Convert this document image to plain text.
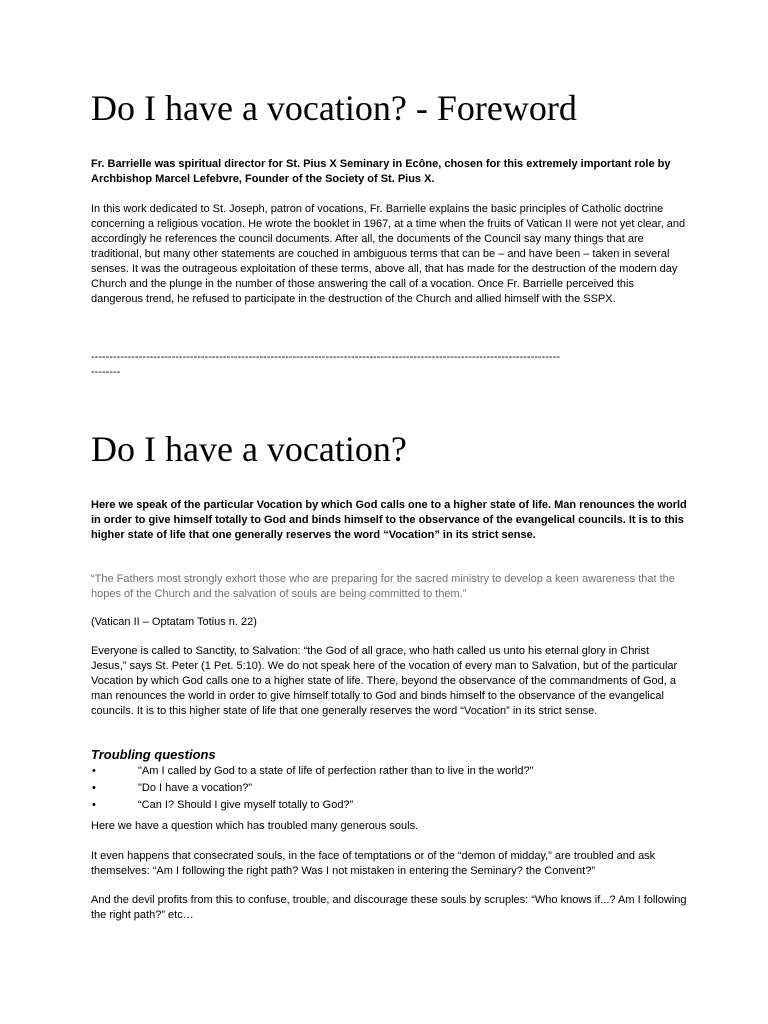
Do I have a vocation? - Foreword

Fr. Barrielle was spiritual director for St. Pius X Seminary in Ecône, chosen for this extremely important role by Archbishop Marcel Lefebvre, Founder of the Society of St. Pius X.

In this work dedicated to St. Joseph, patron of vocations, Fr. Barrielle explains the basic principles of Catholic doctrine concerning a religious vocation. He wrote the booklet in 1967, at a time when the fruits of Vatican II were not yet clear, and accordingly he references the council documents. After all, the documents of the Council say many things that are traditional, but many other statements are couched in ambiguous terms that can be – and have been – taken in several senses. It was the outrageous exploitation of these terms, above all, that has made for the destruction of the modern day Church and the plunge in the number of those answering the call of a vocation. Once Fr. Barrielle perceived this dangerous trend, he refused to participate in the destruction of the Church and allied himself with the SSPX.

--------------------------------------------------------------------------------------------------------------------------------
--------
Do I have a vocation?

Here we speak of the particular Vocation by which God calls one to a higher state of life. Man renounces the world in order to give himself totally to God and binds himself to the observance of the evangelical councils. It is to this higher state of life that one generally reserves the word “Vocation” in its strict sense.

“The Fathers most strongly exhort those who are preparing for the sacred ministry to develop a keen awareness that the hopes of the Church and the salvation of souls are being committed to them.”

(Vatican II – Optatam Totius n. 22)

Everyone is called to Sanctity, to Salvation: “the God of all grace, who hath called us unto his eternal glory in Christ Jesus,” says St. Peter (1 Pet. 5:10). We do not speak here of the vocation of every man to Salvation, but of the particular Vocation by which God calls one to a higher state of life. There, beyond the observance of the commandments of God, a man renounces the world in order to give himself totally to God and binds himself to the observance of the evangelical councils. It is to this higher state of life that one generally reserves the word “Vocation” in its strict sense.

Troubling questions
•	"Am I called by God to a state of life of perfection rather than to live in the world?"
•	"Do I have a vocation?"
•	“Can I? Should I give myself totally to God?”

Here we have a question which has troubled many generous souls.

It even happens that consecrated souls, in the face of temptations or of the “demon of midday,” are troubled and ask themselves: “Am I following the right path? Was I not mistaken in entering the Seminary? the Convent?”

And the devil profits from this to confuse, trouble, and discourage these souls by scruples: “Who knows if...? Am I following the right path?” etc…
